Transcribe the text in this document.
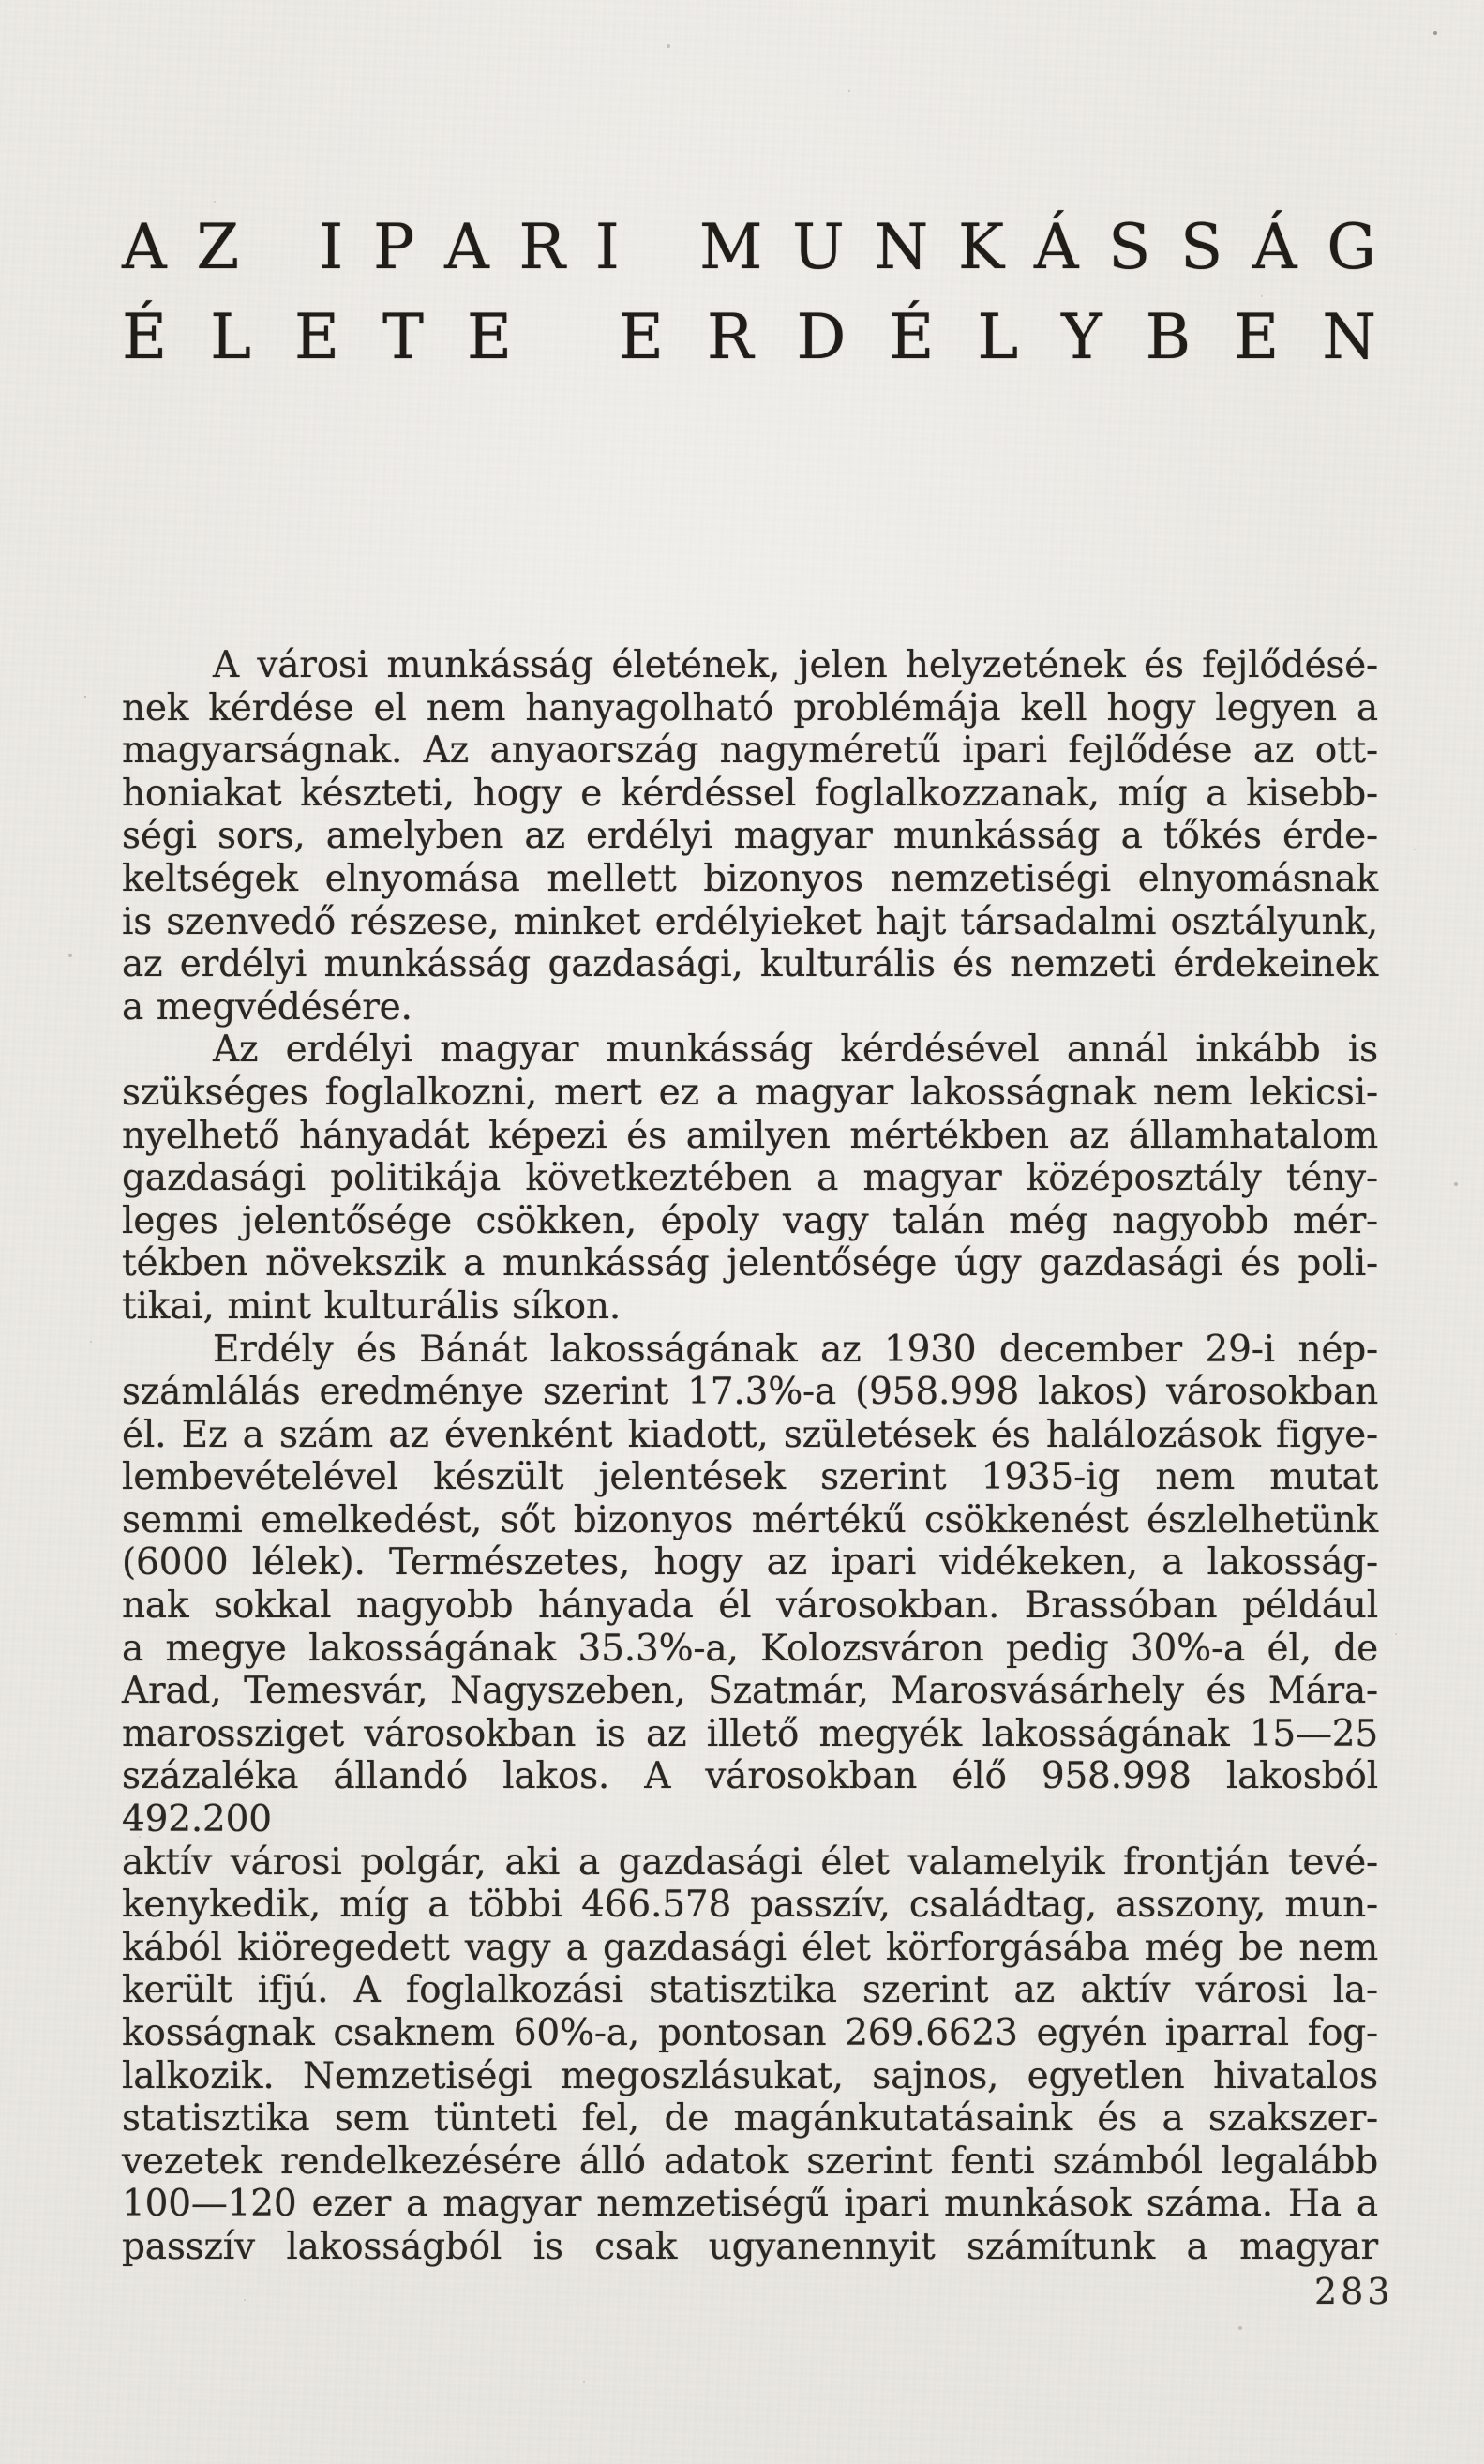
A Z
I P A R I
M U N K Á S S Á G
É L E T E
E R D É L Y B E N
A városi munkásság életének, jelen helyzetének és fejlődésé-
nek kérdése el nem hanyagolható problémája kell hogy legyen a
magyarságnak. Az anyaország nagyméretű ipari fejlődése az ott-
honiakat készteti, hogy e kérdéssel foglalkozzanak, míg a kisebb-
ségi sors, amelyben az erdélyi magyar munkásság a tőkés érde-
keltségek elnyomása mellett bizonyos nemzetiségi elnyomásnak
is szenvedő részese, minket erdélyieket hajt társadalmi osztályunk,
az erdélyi munkásság gazdasági, kulturális és nemzeti érdekeinek
a megvédésére.
Az erdélyi magyar munkásság kérdésével annál inkább is
szükséges foglalkozni, mert ez a magyar lakosságnak nem lekicsi-
nyelhető hányadát képezi és amilyen mértékben az államhatalom
gazdasági politikája következtében a magyar középosztály tény-
leges jelentősége csökken, époly vagy talán még nagyobb mér-
tékben növekszik a munkásság jelentősége úgy gazdasági és poli-
tikai, mint kulturális síkon.
Erdély és Bánát lakosságának az 1930 december 29-i nép-
számlálás eredménye szerint 17.3%-a (958.998 lakos) városokban
él. Ez a szám az évenként kiadott, születések és halálozások figye-
lembevételével készült jelentések szerint 1935-ig nem mutat
semmi emelkedést, sőt bizonyos mértékű csökkenést észlelhetünk
(6000 lélek). Természetes, hogy az ipari vidékeken, a lakosság-
nak sokkal nagyobb hányada él városokban. Brassóban például
a megye lakosságának 35.3%-a, Kolozsváron pedig 30%-a él, de
Arad, Temesvár, Nagyszeben, Szatmár, Marosvásárhely és Mára-
marossziget városokban is az illető megyék lakosságának 15—25
százaléka állandó lakos. A városokban élő 958.998 lakosból 492.200
aktív városi polgár, aki a gazdasági élet valamelyik frontján tevé-
kenykedik, míg a többi 466.578 passzív, családtag, asszony, mun-
kából kiöregedett vagy a gazdasági élet körforgásába még be nem
került ifjú. A foglalkozási statisztika szerint az aktív városi la-
kosságnak csaknem 60%-a, pontosan 269.6623 egyén iparral fog-
lalkozik. Nemzetiségi megoszlásukat, sajnos, egyetlen hivatalos
statisztika sem tünteti fel, de magánkutatásaink és a szakszer-
vezetek rendelkezésére álló adatok szerint fenti számból legalább
100—120 ezer a magyar nemzetiségű ipari munkások száma. Ha a
passzív lakosságból is csak ugyanennyit számítunk a magyar
283
